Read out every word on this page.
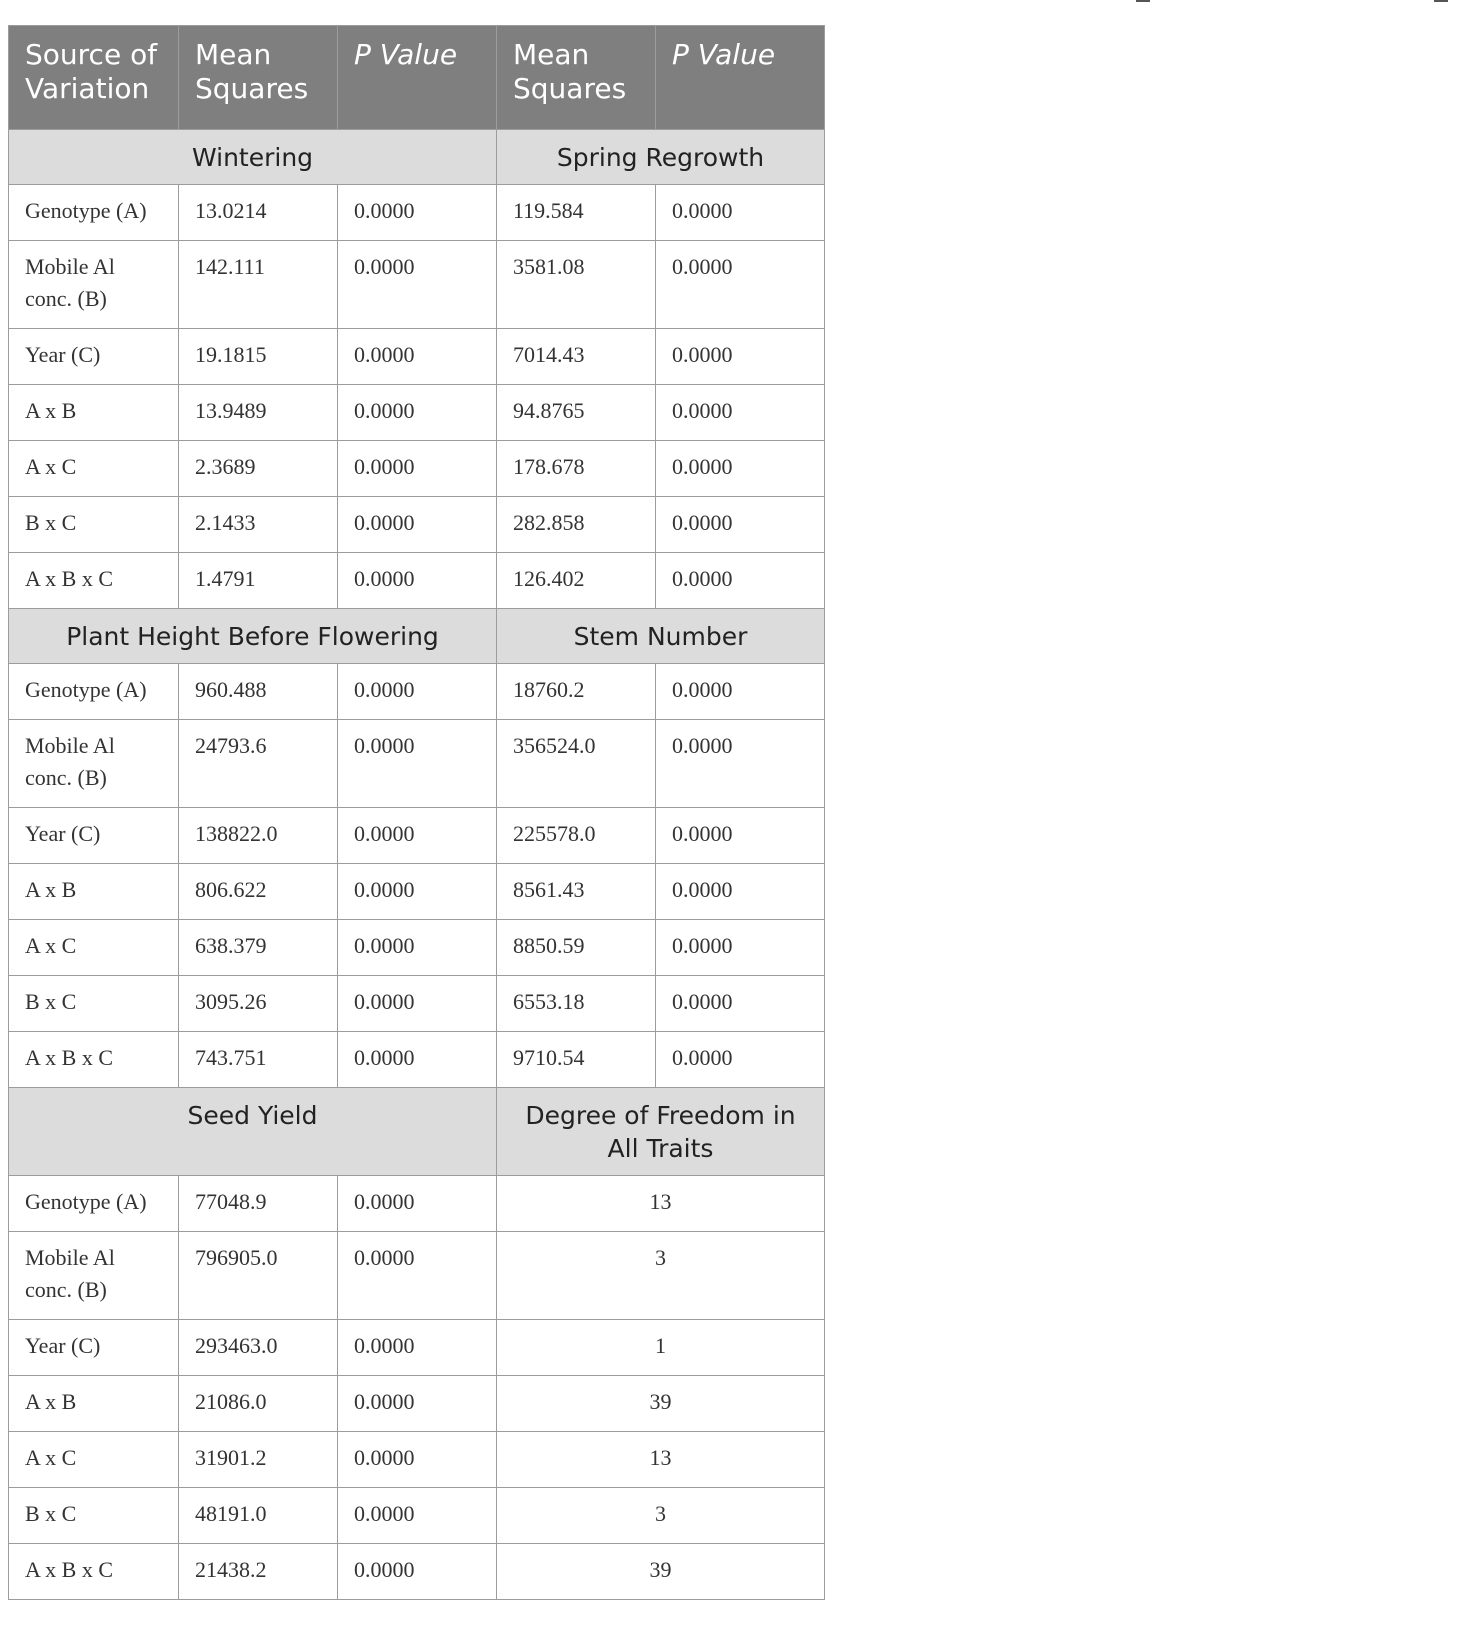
Source of Variation	Mean Squares	P Value	Mean Squares	P Value
Wintering			Spring Regrowth	
Genotype (A)	13.0214	0.0000	119.584	0.0000
Mobile Al conc. (B)	142.111	0.0000	3581.08	0.0000
Year (C)	19.1815	0.0000	7014.43	0.0000
A x B	13.9489	0.0000	94.8765	0.0000
A x C	2.3689	0.0000	178.678	0.0000
B x C	2.1433	0.0000	282.858	0.0000
A x B x C	1.4791	0.0000	126.402	0.0000
Plant Height Before Flowering			Stem Number	
Genotype (A)	960.488	0.0000	18760.2	0.0000
Mobile Al conc. (B)	24793.6	0.0000	356524.0	0.0000
Year (C)	138822.0	0.0000	225578.0	0.0000
A x B	806.622	0.0000	8561.43	0.0000
A x C	638.379	0.0000	8850.59	0.0000
B x C	3095.26	0.0000	6553.18	0.0000
A x B x C	743.751	0.0000	9710.54	0.0000
Seed Yield			Degree of Freedom in All Traits	
Genotype (A)	77048.9	0.0000	13	
Mobile Al conc. (B)	796905.0	0.0000	3	
Year (C)	293463.0	0.0000	1	
A x B	21086.0	0.0000	39	
A x C	31901.2	0.0000	13	
B x C	48191.0	0.0000	3	
A x B x C	21438.2	0.0000	39	
